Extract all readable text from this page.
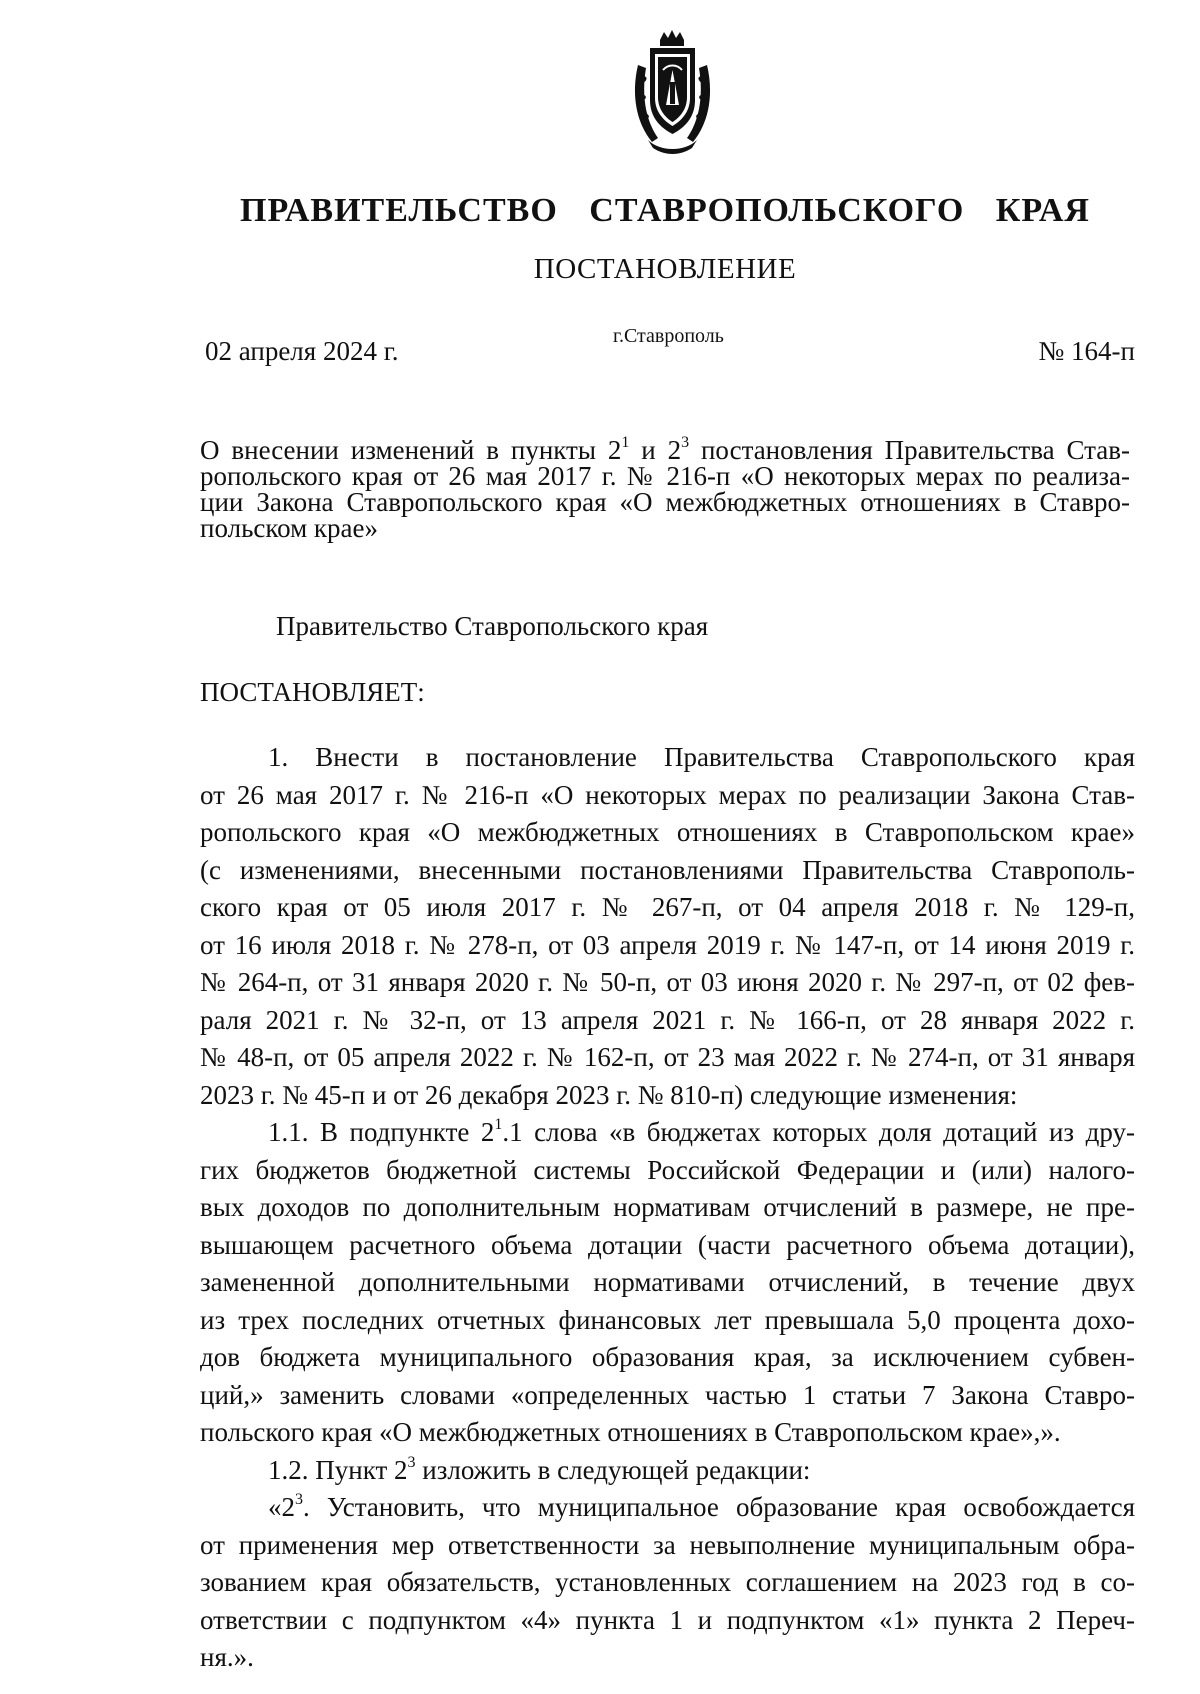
ПРАВИТЕЛЬСТВО СТАВРОПОЛЬСКОГО КРАЯ
ПОСТАНОВЛЕНИЕ
02 апреля 2024 г.	г.Ставрополь	№ 164-п
О внесении изменений в пункты $2^1$ и $2^3$ постановления Правительства Став-
ропольского края от 26 мая 2017 г. № 216-п «О некоторых мерах по реализа-
ции Закона Ставропольского края «О межбюджетных отношениях в Ставро-
польском крае»
Правительство Ставропольского края
ПОСТАНОВЛЯЕТ:
1. Внести в постановление Правительства Ставропольского края
от 26 мая 2017 г. № 216-п «О некоторых мерах по реализации Закона Став-
ропольского края «О межбюджетных отношениях в Ставропольском крае»
(с изменениями, внесенными постановлениями Правительства Ставрополь-
ского края от 05 июля 2017 г. № 267-п, от 04 апреля 2018 г. № 129-п,
от 16 июля 2018 г. № 278-п, от 03 апреля 2019 г. № 147-п, от 14 июня 2019 г.
№ 264-п, от 31 января 2020 г. № 50-п, от 03 июня 2020 г. № 297-п, от 02 фев-
раля 2021 г. № 32-п, от 13 апреля 2021 г. № 166-п, от 28 января 2022 г.
№ 48-п, от 05 апреля 2022 г. № 162-п, от 23 мая 2022 г. № 274-п, от 31 января
2023 г. № 45-п и от 26 декабря 2023 г. № 810-п) следующие изменения:
1.1. В подпункте $2^1.1$ слова «в бюджетах которых доля дотаций из дру-
гих бюджетов бюджетной системы Российской Федерации и (или) налого-
вых доходов по дополнительным нормативам отчислений в размере, не пре-
вышающем расчетного объема дотации (части расчетного объема дотации),
замененной дополнительными нормативами отчислений, в течение двух
из трех последних отчетных финансовых лет превышала 5,0 процента дохо-
дов бюджета муниципального образования края, за исключением субвен-
ций,» заменить словами «определенных частью 1 статьи 7 Закона Ставро-
польского края «О межбюджетных отношениях в Ставропольском крае»,».
1.2. Пункт $2^3$ изложить в следующей редакции:
«$2^3$. Установить, что муниципальное образование края освобождается
от применения мер ответственности за невыполнение муниципальным обра-
зованием края обязательств, установленных соглашением на 2023 год в со-
ответствии с подпунктом «4» пункта 1 и подпунктом «1» пункта 2 Переч-
ня.».
